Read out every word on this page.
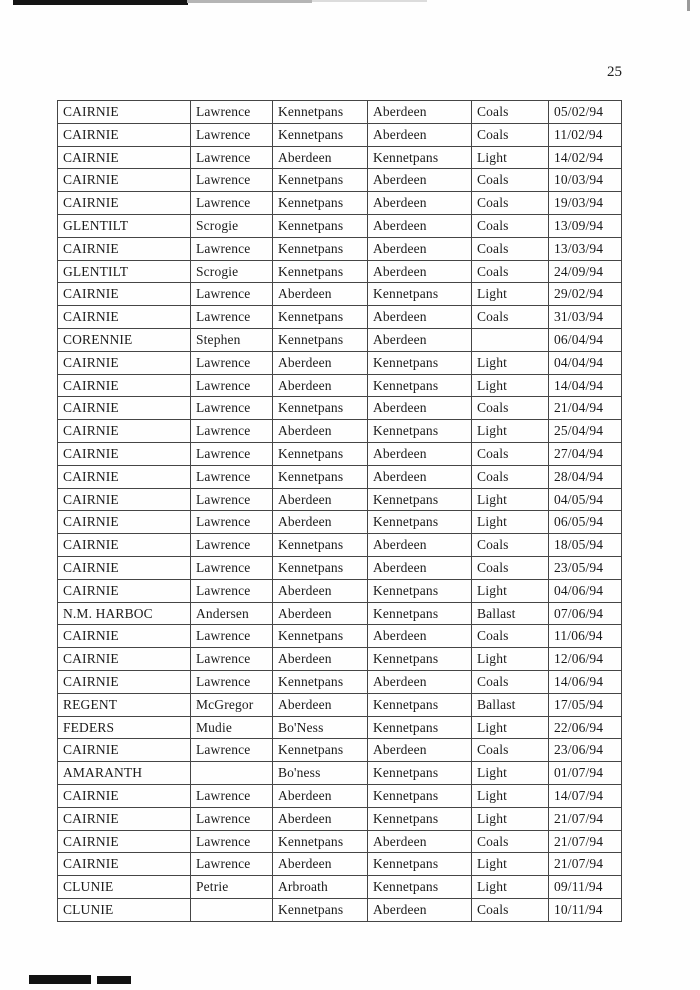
25
CAIRNIE	Lawrence	Kennetpans	Aberdeen	Coals	05/02/94
CAIRNIE	Lawrence	Kennetpans	Aberdeen	Coals	11/02/94
CAIRNIE	Lawrence	Aberdeen	Kennetpans	Light	14/02/94
CAIRNIE	Lawrence	Kennetpans	Aberdeen	Coals	10/03/94
CAIRNIE	Lawrence	Kennetpans	Aberdeen	Coals	19/03/94
GLENTILT	Scrogie	Kennetpans	Aberdeen	Coals	13/09/94
CAIRNIE	Lawrence	Kennetpans	Aberdeen	Coals	13/03/94
GLENTILT	Scrogie	Kennetpans	Aberdeen	Coals	24/09/94
CAIRNIE	Lawrence	Aberdeen	Kennetpans	Light	29/02/94
CAIRNIE	Lawrence	Kennetpans	Aberdeen	Coals	31/03/94
CORENNIE	Stephen	Kennetpans	Aberdeen		06/04/94
CAIRNIE	Lawrence	Aberdeen	Kennetpans	Light	04/04/94
CAIRNIE	Lawrence	Aberdeen	Kennetpans	Light	14/04/94
CAIRNIE	Lawrence	Kennetpans	Aberdeen	Coals	21/04/94
CAIRNIE	Lawrence	Aberdeen	Kennetpans	Light	25/04/94
CAIRNIE	Lawrence	Kennetpans	Aberdeen	Coals	27/04/94
CAIRNIE	Lawrence	Kennetpans	Aberdeen	Coals	28/04/94
CAIRNIE	Lawrence	Aberdeen	Kennetpans	Light	04/05/94
CAIRNIE	Lawrence	Aberdeen	Kennetpans	Light	06/05/94
CAIRNIE	Lawrence	Kennetpans	Aberdeen	Coals	18/05/94
CAIRNIE	Lawrence	Kennetpans	Aberdeen	Coals	23/05/94
CAIRNIE	Lawrence	Aberdeen	Kennetpans	Light	04/06/94
N.M. HARBOC	Andersen	Aberdeen	Kennetpans	Ballast	07/06/94
CAIRNIE	Lawrence	Kennetpans	Aberdeen	Coals	11/06/94
CAIRNIE	Lawrence	Aberdeen	Kennetpans	Light	12/06/94
CAIRNIE	Lawrence	Kennetpans	Aberdeen	Coals	14/06/94
REGENT	McGregor	Aberdeen	Kennetpans	Ballast	17/05/94
FEDERS	Mudie	Bo'Ness	Kennetpans	Light	22/06/94
CAIRNIE	Lawrence	Kennetpans	Aberdeen	Coals	23/06/94
AMARANTH		Bo'ness	Kennetpans	Light	01/07/94
CAIRNIE	Lawrence	Aberdeen	Kennetpans	Light	14/07/94
CAIRNIE	Lawrence	Aberdeen	Kennetpans	Light	21/07/94
CAIRNIE	Lawrence	Kennetpans	Aberdeen	Coals	21/07/94
CAIRNIE	Lawrence	Aberdeen	Kennetpans	Light	21/07/94
CLUNIE	Petrie	Arbroath	Kennetpans	Light	09/11/94
CLUNIE		Kennetpans	Aberdeen	Coals	10/11/94
